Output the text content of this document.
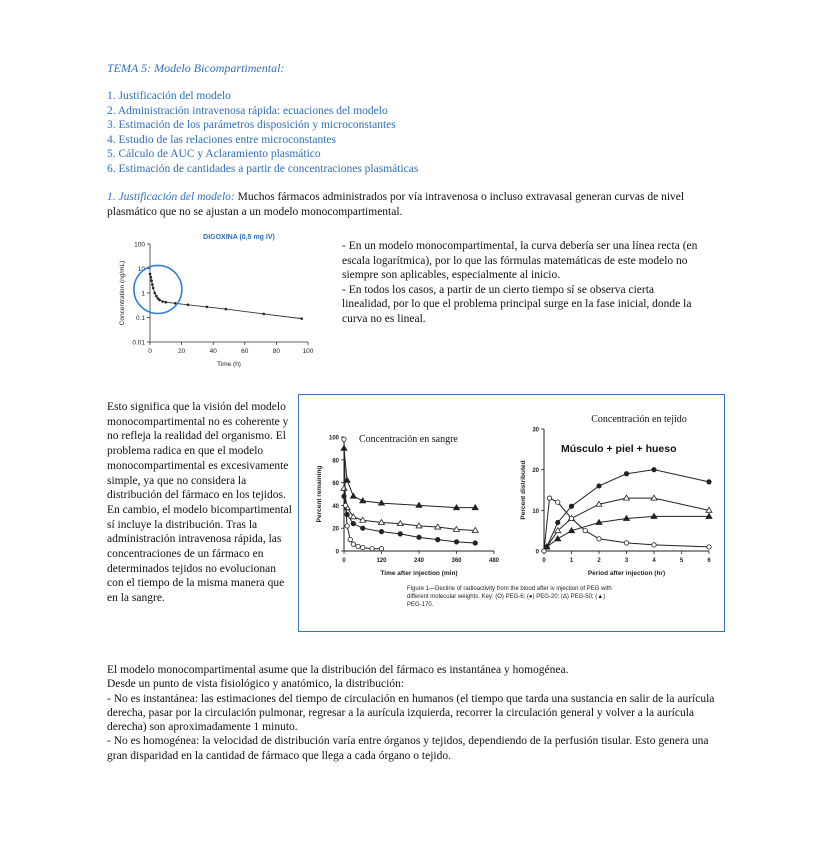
TEMA 5: Modelo Bicompartimental:
1. Justificación del modelo
2. Administración intravenosa rápida: ecuaciones del modelo
3. Estimación de los parámetros disposición y microconstantes
4. Estudio de las relaciones entre microconstantes
5. Cálculo de AUC y Aclaramiento plasmático
6. Estimación de cantidades a partir de concentraciones plasmáticas
1. Justificación del modelo: Muchos fármacos administrados por vía intravenosa o incluso extravasal generan curvas de nivel plasmático que no se ajustan a un modelo monocompartimental.
DIGOXINA (0,5 mg IV)
100
10
1
0.1
0.01
0	20	40	60	80	100
Time (h)
Concentration (ng/mL)
- En un modelo monocompartimental, la curva debería ser una línea recta (en escala logarítmica), por lo que las fórmulas matemáticas de este modelo no siempre son aplicables, especialmente al inicio.
- En todos los casos, a partir de un cierto tiempo sí se observa cierta linealidad, por lo que el problema principal surge en la fase inicial, donde la curva no es lineal.
Esto significa que la visión del modelo monocompartimental no es coherente y no refleja la realidad del organismo. El problema radica en que el modelo monocompartimental es excesivamente simple, ya que no considera la distribución del fármaco en los tejidos. En cambio, el modelo bicompartimental sí incluye la distribución. Tras la administración intravenosa rápida, las concentraciones de un fármaco en determinados tejidos no evolucionan con el tiempo de la misma manera que en la sangre.
Concentración en sangre
100
80
60
40
20
0
0	120	240	360	480
Time after injection (min)
Percent remaining
Concentración en tejido
Músculo + piel + hueso
30
20
10
0
0	1	2	3	4	5	6
Period after injection (hr)
Percent distributed
Figure 1—Decline of radioactivity from the blood after iv injection of PEG with different molecular weights. Key: (O) PEG-6; (●) PEG-20; (Δ) PEG-50; (▲) PEG-170.
El modelo monocompartimental asume que la distribución del fármaco es instantánea y homogénea.
Desde un punto de vista fisiológico y anatómico, la distribución:
- No es instantánea: las estimaciones del tiempo de circulación en humanos (el tiempo que tarda una sustancia en salir de la aurícula derecha, pasar por la circulación pulmonar, regresar a la aurícula izquierda, recorrer la circulación general y volver a la aurícula derecha) son aproximadamente 1 minuto.
- No es homogénea: la velocidad de distribución varía entre órganos y tejidos, dependiendo de la perfusión tisular. Esto genera una gran disparidad en la cantidad de fármaco que llega a cada órgano o tejido.
